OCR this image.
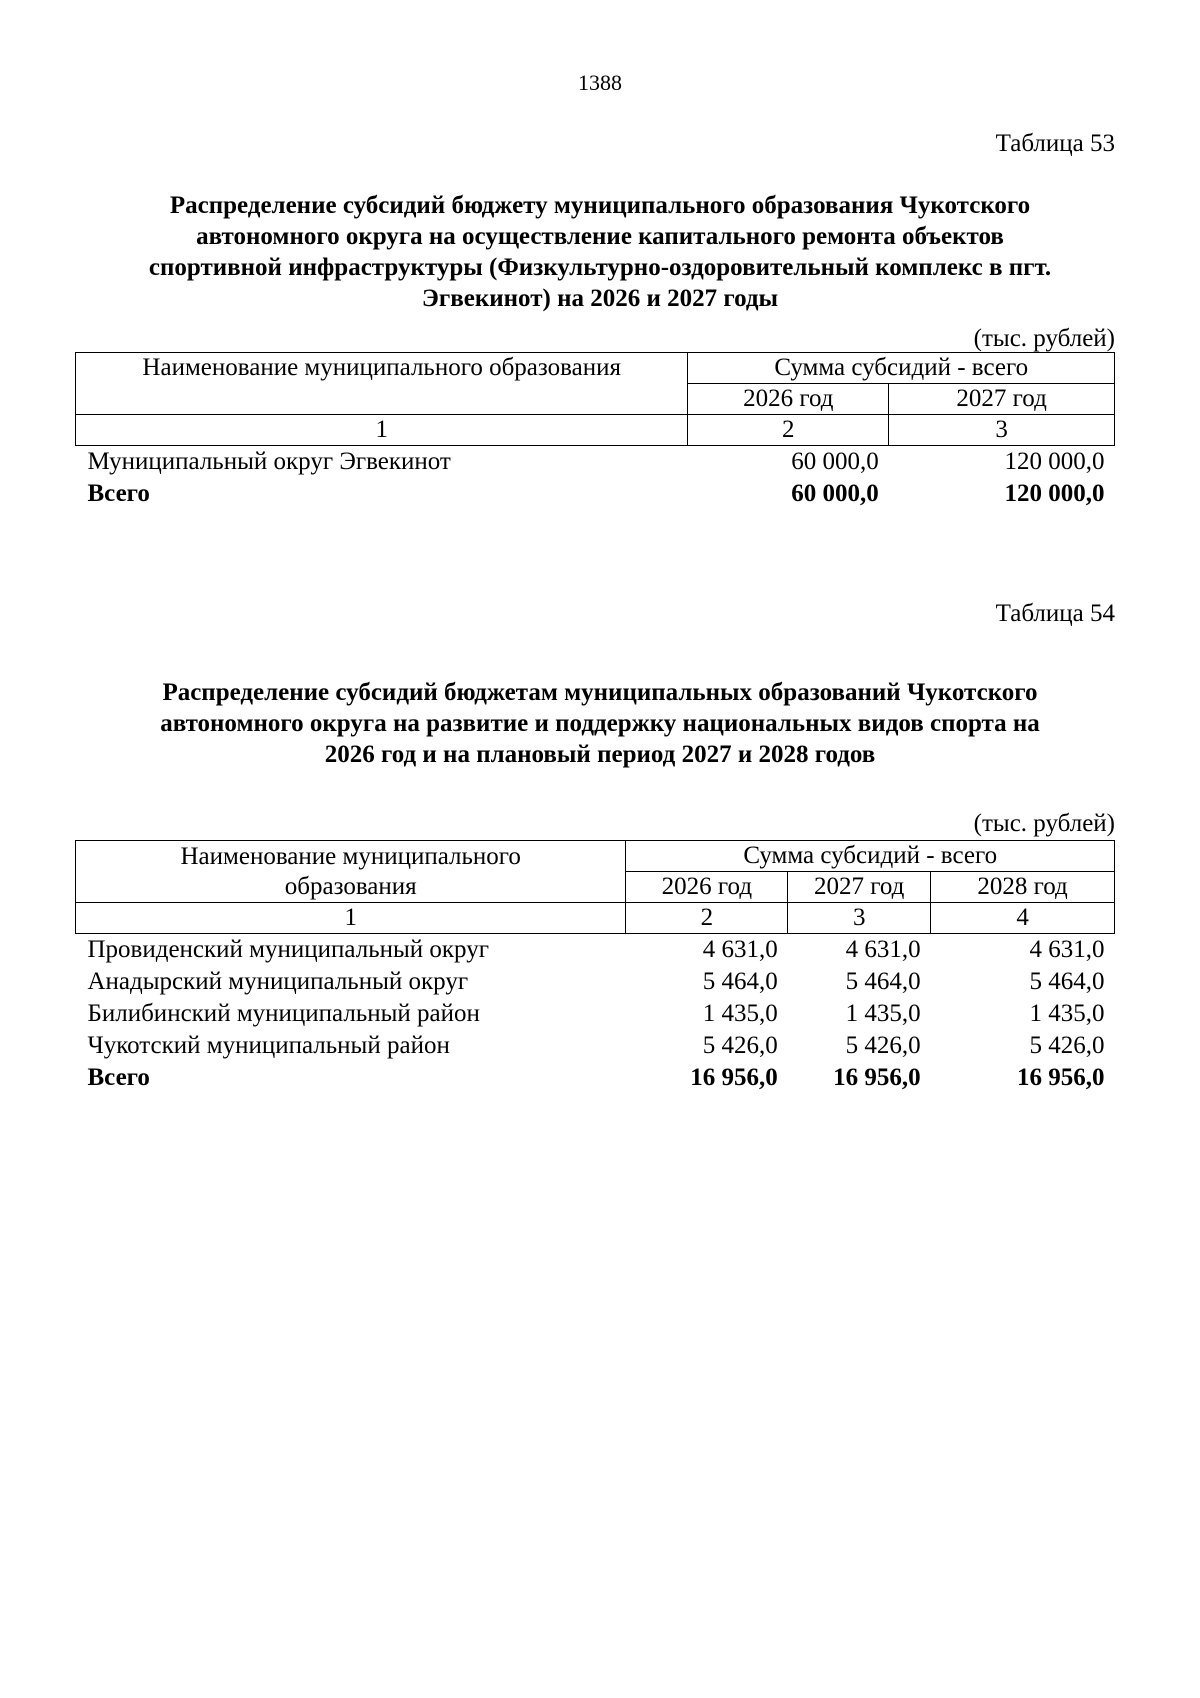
1388
Таблица 53
Распределение субсидий бюджету муниципального образования Чукотского
автономного округа на осуществление капитального ремонта объектов
спортивной инфраструктуры (Физкультурно-оздоровительный комплекс в пгт.
Эгвекинот) на 2026 и 2027 годы
(тыс. рублей)
Наименование муниципального образования	Сумма субсидий - всего	
	2026 год	2027 год
1	2	3
Муниципальный округ Эгвекинот	60 000,0	120 000,0
Всего	60 000,0	120 000,0
Таблица 54
Распределение субсидий бюджетам муниципальных образований Чукотского
автономного округа на развитие и поддержку национальных видов спорта на
2026 год и на плановый период 2027 и 2028 годов
(тыс. рублей)
Наименование муниципального
образования	Сумма субсидий - всего		
	2026 год	2027 год	2028 год
1	2	3	4
Провиденский муниципальный округ	4 631,0	4 631,0	4 631,0
Анадырский муниципальный округ	5 464,0	5 464,0	5 464,0
Билибинский муниципальный район	1 435,0	1 435,0	1 435,0
Чукотский муниципальный район	5 426,0	5 426,0	5 426,0
Всего	16 956,0	16 956,0	16 956,0
